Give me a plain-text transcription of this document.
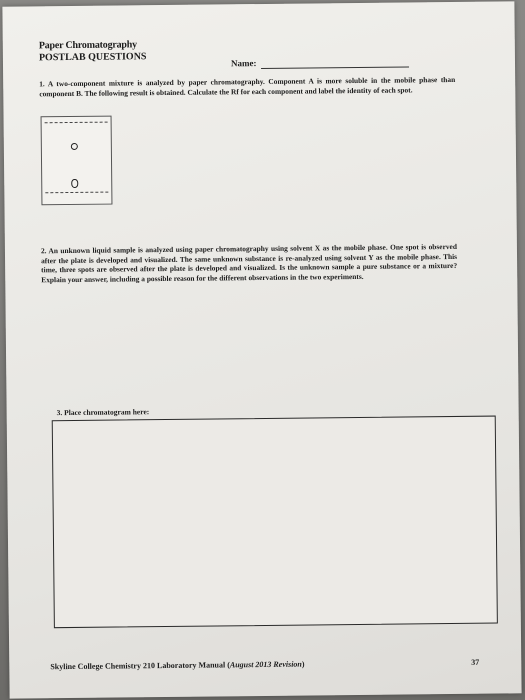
Paper Chromatography
POSTLAB QUESTIONS	Name:
1. A two-component mixture is analyzed by paper chromatography. Component A is more soluble in the mobile phase than component B. The following result is obtained. Calculate the Rf for each component and label the identity of each spot.
2. An unknown liquid sample is analyzed using paper chromatography using solvent X as the mobile phase. One spot is observed after the plate is developed and visualized. The same unknown substance is re-analyzed using solvent Y as the mobile phase. This time, three spots are observed after the plate is developed and visualized. Is the unknown sample a pure substance or a mixture? Explain your answer, including a possible reason for the different observations in the two experiments.
3. Place chromatogram here:
Skyline College Chemistry 210 Laboratory Manual (August 2013 Revision)	37
